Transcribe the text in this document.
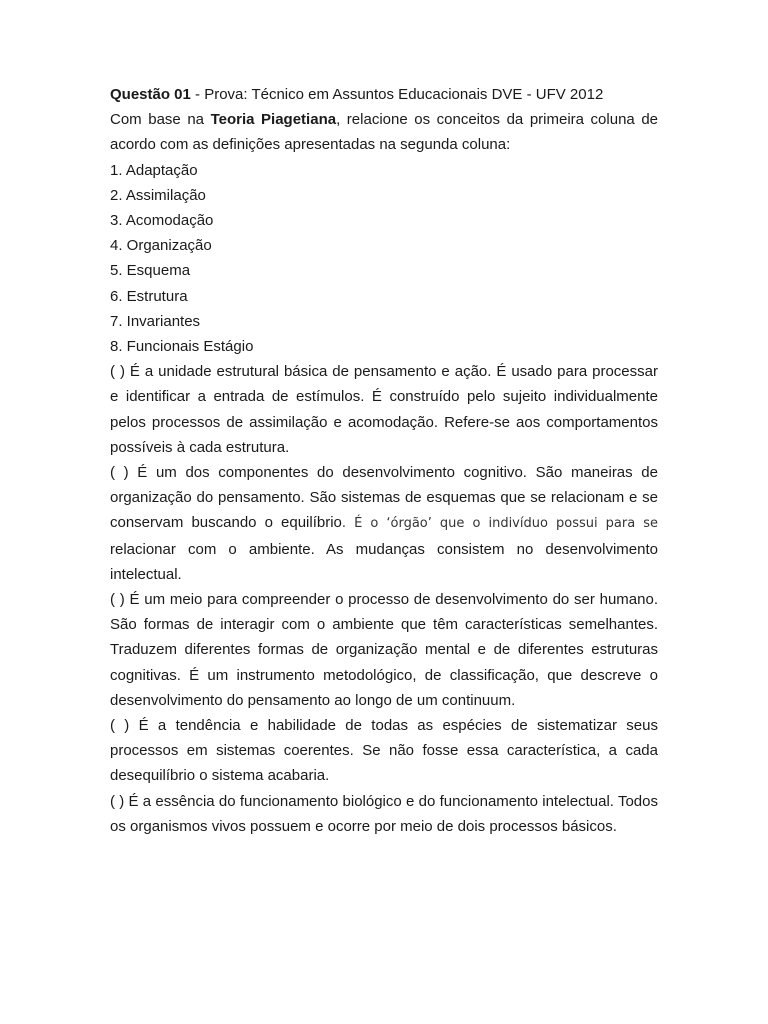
Questão 01 - Prova: Técnico em Assuntos Educacionais DVE - UFV 2012

Com base na Teoria Piagetiana, relacione os conceitos da primeira coluna de acordo com as definições apresentadas na segunda coluna:

1. Adaptação

2. Assimilação

3. Acomodação

4. Organização

5. Esquema

6. Estrutura

7. Invariantes

8. Funcionais Estágio

( ) É a unidade estrutural básica de pensamento e ação. É usado para processar e identificar a entrada de estímulos. É construído pelo sujeito individualmente pelos processos de assimilação e acomodação. Refere-se aos comportamentos possíveis à cada estrutura.

( ) É um dos componentes do desenvolvimento cognitivo. São maneiras de organização do pensamento. São sistemas de esquemas que se relacionam e se conservam buscando o equilíbrio. É o ‘órgão’ que o indivíduo possui para se relacionar com o ambiente. As mudanças consistem no desenvolvimento intelectual.

( ) É um meio para compreender o processo de desenvolvimento do ser humano. São formas de interagir com o ambiente que têm características semelhantes. Traduzem diferentes formas de organização mental e de diferentes estruturas cognitivas. É um instrumento metodológico, de classificação, que descreve o desenvolvimento do pensamento ao longo de um continuum.

( ) É a tendência e habilidade de todas as espécies de sistematizar seus processos em sistemas coerentes. Se não fosse essa característica, a cada desequilíbrio o sistema acabaria.

( ) É a essência do funcionamento biológico e do funcionamento intelectual. Todos os organismos vivos possuem e ocorre por meio de dois processos básicos.
